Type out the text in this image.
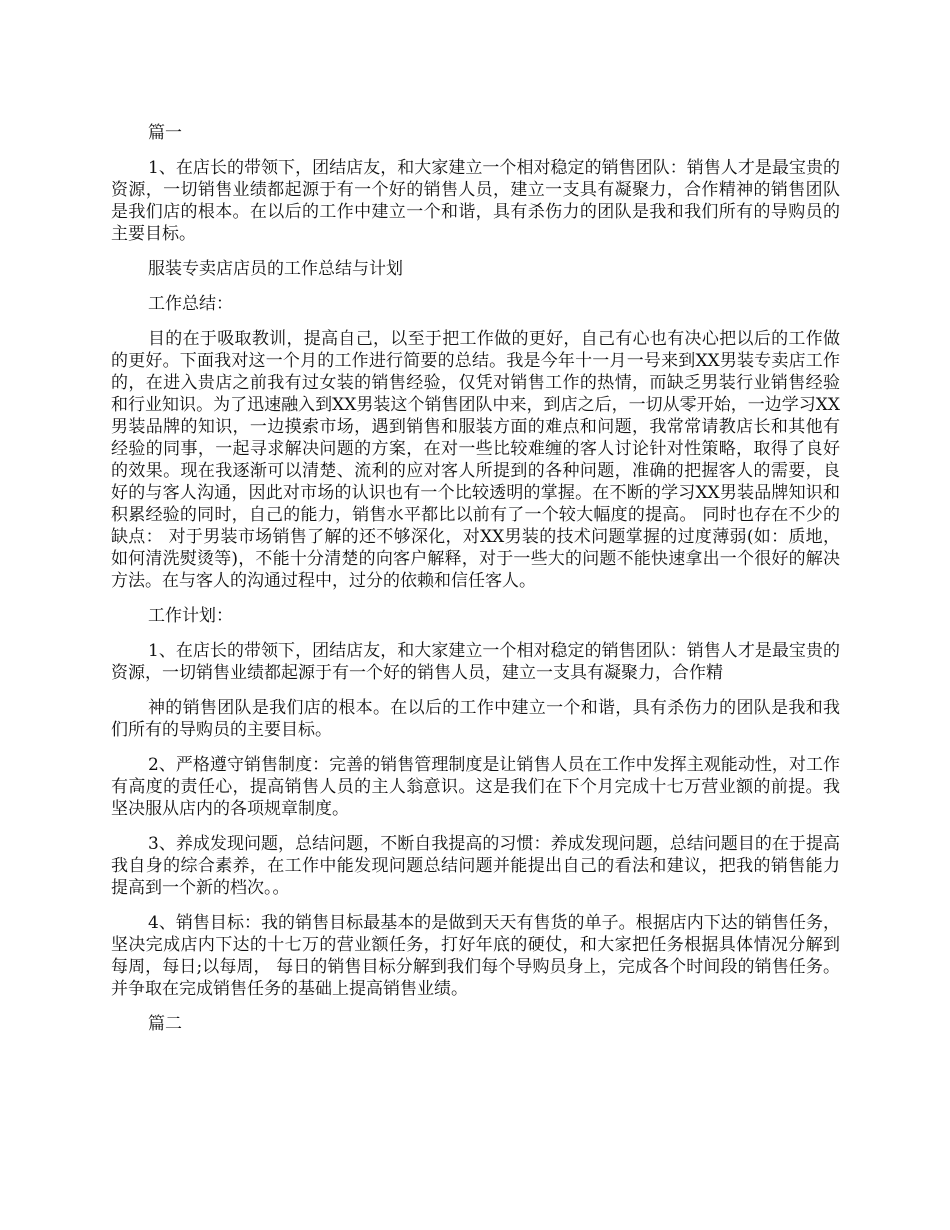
篇一

1、在店长的带领下，团结店友，和大家建立一个相对稳定的销售团队：销售人才是最宝贵的资源，一切销售业绩都起源于有一个好的销售人员，建立一支具有凝聚力，合作精神的销售团队是我们店的根本。在以后的工作中建立一个和谐，具有杀伤力的团队是我和我们所有的导购员的主要目标。

服装专卖店店员的工作总结与计划

工作总结：

目的在于吸取教训，提高自己，以至于把工作做的更好，自己有心也有决心把以后的工作做的更好。下面我对这一个月的工作进行简要的总结。我是今年十一月一号来到XX男装专卖店工作的，在进入贵店之前我有过女装的销售经验，仅凭对销售工作的热情，而缺乏男装行业销售经验和行业知识。为了迅速融入到XX男装这个销售团队中来，到店之后，一切从零开始，一边学习XX男装品牌的知识，一边摸索市场，遇到销售和服装方面的难点和问题，我常常请教店长和其他有经验的同事，一起寻求解决问题的方案，在对一些比较难缠的客人讨论针对性策略，取得了良好的效果。现在我逐渐可以清楚、流利的应对客人所提到的各种问题，准确的把握客人的需要，良好的与客人沟通，因此对市场的认识也有一个比较透明的掌握。在不断的学习XX男装品牌知识和积累经验的同时，自己的能力，销售水平都比以前有了一个较大幅度的提高。 同时也存在不少的缺点： 对于男装市场销售了解的还不够深化，对XX男装的技术问题掌握的过度薄弱(如：质地，如何清洗熨烫等)，不能十分清楚的向客户解释，对于一些大的问题不能快速拿出一个很好的解决方法。在与客人的沟通过程中，过分的依赖和信任客人。

工作计划：

1、在店长的带领下，团结店友，和大家建立一个相对稳定的销售团队：销售人才是最宝贵的资源，一切销售业绩都起源于有一个好的销售人员，建立一支具有凝聚力，合作精

神的销售团队是我们店的根本。在以后的工作中建立一个和谐，具有杀伤力的团队是我和我们所有的导购员的主要目标。

2、严格遵守销售制度：完善的销售管理制度是让销售人员在工作中发挥主观能动性，对工作有高度的责任心，提高销售人员的主人翁意识。这是我们在下个月完成十七万营业额的前提。我坚决服从店内的各项规章制度。

3、养成发现问题，总结问题，不断自我提高的习惯：养成发现问题，总结问题目的在于提高我自身的综合素养，在工作中能发现问题总结问题并能提出自己的看法和建议，把我的销售能力提高到一个新的档次。。

4、销售目标：我的销售目标最基本的是做到天天有售货的单子。根据店内下达的销售任务，坚决完成店内下达的十七万的营业额任务，打好年底的硬仗，和大家把任务根据具体情况分解到每周，每日;以每周， 每日的销售目标分解到我们每个导购员身上，完成各个时间段的销售任务。并争取在完成销售任务的基础上提高销售业绩。

篇二
